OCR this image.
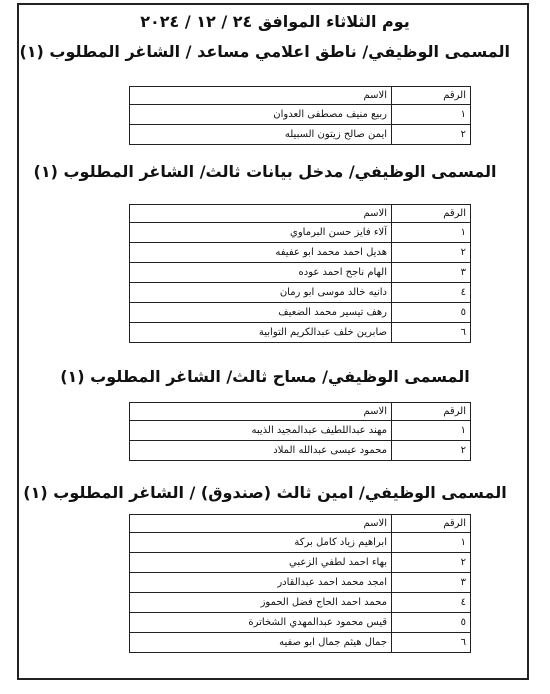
يوم الثلاثاء الموافق ٢٤ / ١٢ / ٢٠٢٤
المسمى الوظيفي/ ناطق اعلامي مساعد / الشاغر المطلوب (١)
الرقم	الاسم	
١	ربيع منيف مصطفى العدوان	
٢	ايمن صالح زيتون السبيله	
المسمى الوظيفي/ مدخل بيانات ثالث/ الشاغر المطلوب (١)
الرقم	الاسم	
١	آلاء فايز حسن البرماوي	
٢	هديل احمد محمد ابو عفيفه	
٣	الهام ناجح احمد عوده	
٤	دانيه خالد موسى ابو رمان	
٥	رهف تيسير محمد الضعيف	
٦	صابرين خلف عبدالكريم التوابية	
المسمى الوظيفي/ مساح ثالث/ الشاغر المطلوب (١)
الرقم	الاسم	
١	مهند عبداللطيف عبدالمجيد الذيبه	
٢	محمود عيسى عبدالله الملاد	
المسمى الوظيفي/ امين ثالث (صندوق) / الشاغر المطلوب (١)
الرقم	الاسم	
١	ابراهيم زياد كامل بركة	
٢	بهاء احمد لطفي الزعبي	
٣	امجد محمد احمد عبدالقادر	
٤	محمد احمد الحاج فضل الحموز	
٥	قيس محمود عبدالمهدي الشخاترة	
٦	جمال هيثم جمال ابو صفيه	
